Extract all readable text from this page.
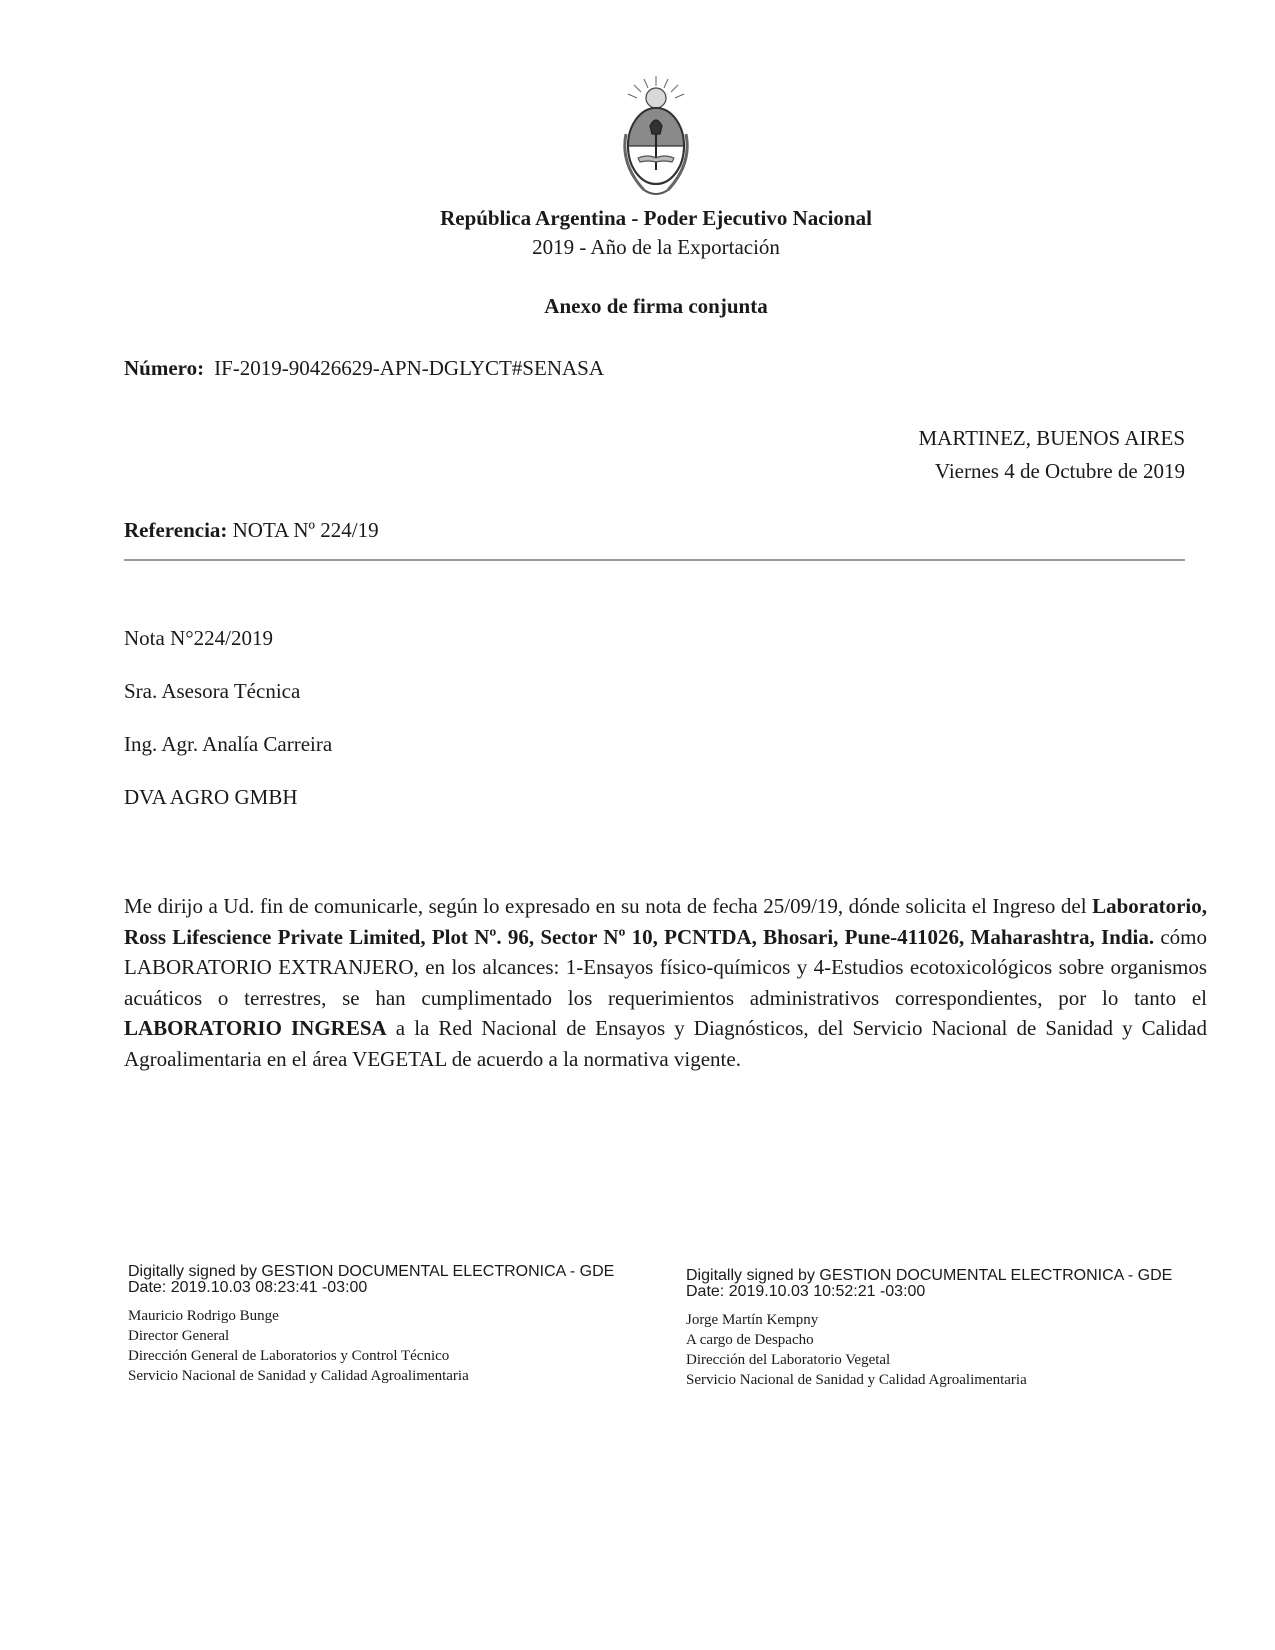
República Argentina - Poder Ejecutivo Nacional
2019 - Año de la Exportación
Anexo de firma conjunta
Número: IF-2019-90426629-APN-DGLYCT#SENASA
MARTINEZ, BUENOS AIRES
Viernes 4 de Octubre de 2019
Referencia: NOTA Nº 224/19
Nota N°224/2019
Sra. Asesora Técnica
Ing. Agr. Analía Carreira
DVA AGRO GMBH

Me dirijo a Ud. fin de comunicarle, según lo expresado en su nota de fecha 25/09/19, dónde solicita el Ingreso del Laboratorio, Ross Lifescience Private Limited, Plot Nº. 96, Sector Nº 10, PCNTDA, Bhosari, Pune-411026, Maharashtra, India. cómo LABORATORIO EXTRANJERO, en los alcances: 1-Ensayos físico-químicos y 4-Estudios ecotoxicológicos sobre organismos acuáticos o terrestres, se han cumplimentado los requerimientos administrativos correspondientes, por lo tanto el LABORATORIO INGRESA a la Red Nacional de Ensayos y Diagnósticos, del Servicio Nacional de Sanidad y Calidad Agroalimentaria en el área VEGETAL de acuerdo a la normativa vigente.

Digitally signed by GESTION DOCUMENTAL ELECTRONICA - GDE
Date: 2019.10.03 08:23:41 -03:00
Mauricio Rodrigo Bunge
Director General
Dirección General de Laboratorios y Control Técnico
Servicio Nacional de Sanidad y Calidad Agroalimentaria
Digitally signed by GESTION DOCUMENTAL ELECTRONICA - GDE
Date: 2019.10.03 10:52:21 -03:00
Jorge Martín Kempny
A cargo de Despacho
Dirección del Laboratorio Vegetal
Servicio Nacional de Sanidad y Calidad Agroalimentaria
